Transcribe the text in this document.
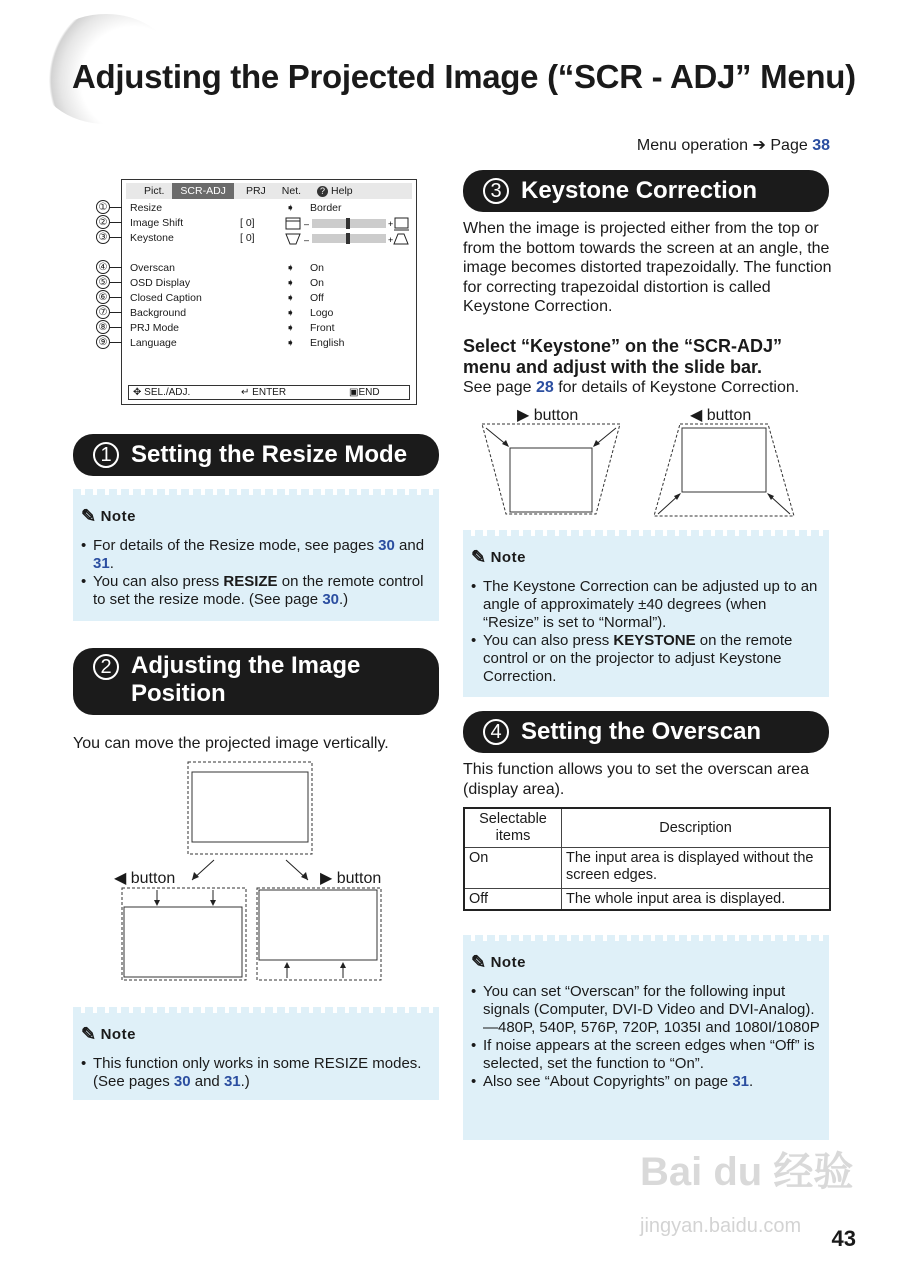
Adjusting the Projected Image (“SCR - ADJ” Menu)
Menu operation ➔ Page 38
Pict.	SCR-ADJ	PRJ	Net.	? Help
Resize	➧ Border
Image Shift	[ 0]
Keystone	[ 0]
–	+
–	+
Overscan	➧ On
OSD Display	➧ On
Closed Caption	➧ Off
Background	➧ Logo
PRJ Mode	➧ Front
Language	➧ English
✥ SEL./ADJ.	↵ ENTER	▣END
①
②
③
④
⑤
⑥
⑦
⑧
⑨
1 Setting the Resize Mode
✎ Note
• For details of the Resize mode, see pages 30 and 31.
• You can also press RESIZE on the remote control to set the resize mode. (See page 30.)
2 Adjusting the Image
Position
You can move the projected image vertically.
◀ button	▶ button
✎ Note
• This function only works in some RESIZE modes. (See pages 30 and 31.)
3 Keystone Correction
When the image is projected either from the top or from the bottom towards the screen at an angle, the image becomes distorted trapezoidally. The function for correcting trapezoidal distortion is called Keystone Correction.
Select “Keystone” on the “SCR-ADJ” menu and adjust with the slide bar.
See page 28 for details of Keystone Correction.
▶ button	◀ button
✎ Note
• The Keystone Correction can be adjusted up to an angle of approximately ±40 degrees (when “Resize” is set to “Normal”).
• You can also press KEYSTONE on the remote control or on the projector to adjust Keystone Correction.
4 Setting the Overscan
This function allows you to set the overscan area (display area).
Selectable items	Description
On	The input area is displayed without the screen edges.
Off	The whole input area is displayed.
✎ Note
• You can set “Overscan” for the following input signals (Computer, DVI-D Video and DVI-Analog).
—480P, 540P, 576P, 720P, 1035I and 1080I/1080P
• If noise appears at the screen edges when “Off” is selected, set the function to “On”.
• Also see “About Copyrights” on page 31.
Bai du 经验
jingyan.baidu.com 43
